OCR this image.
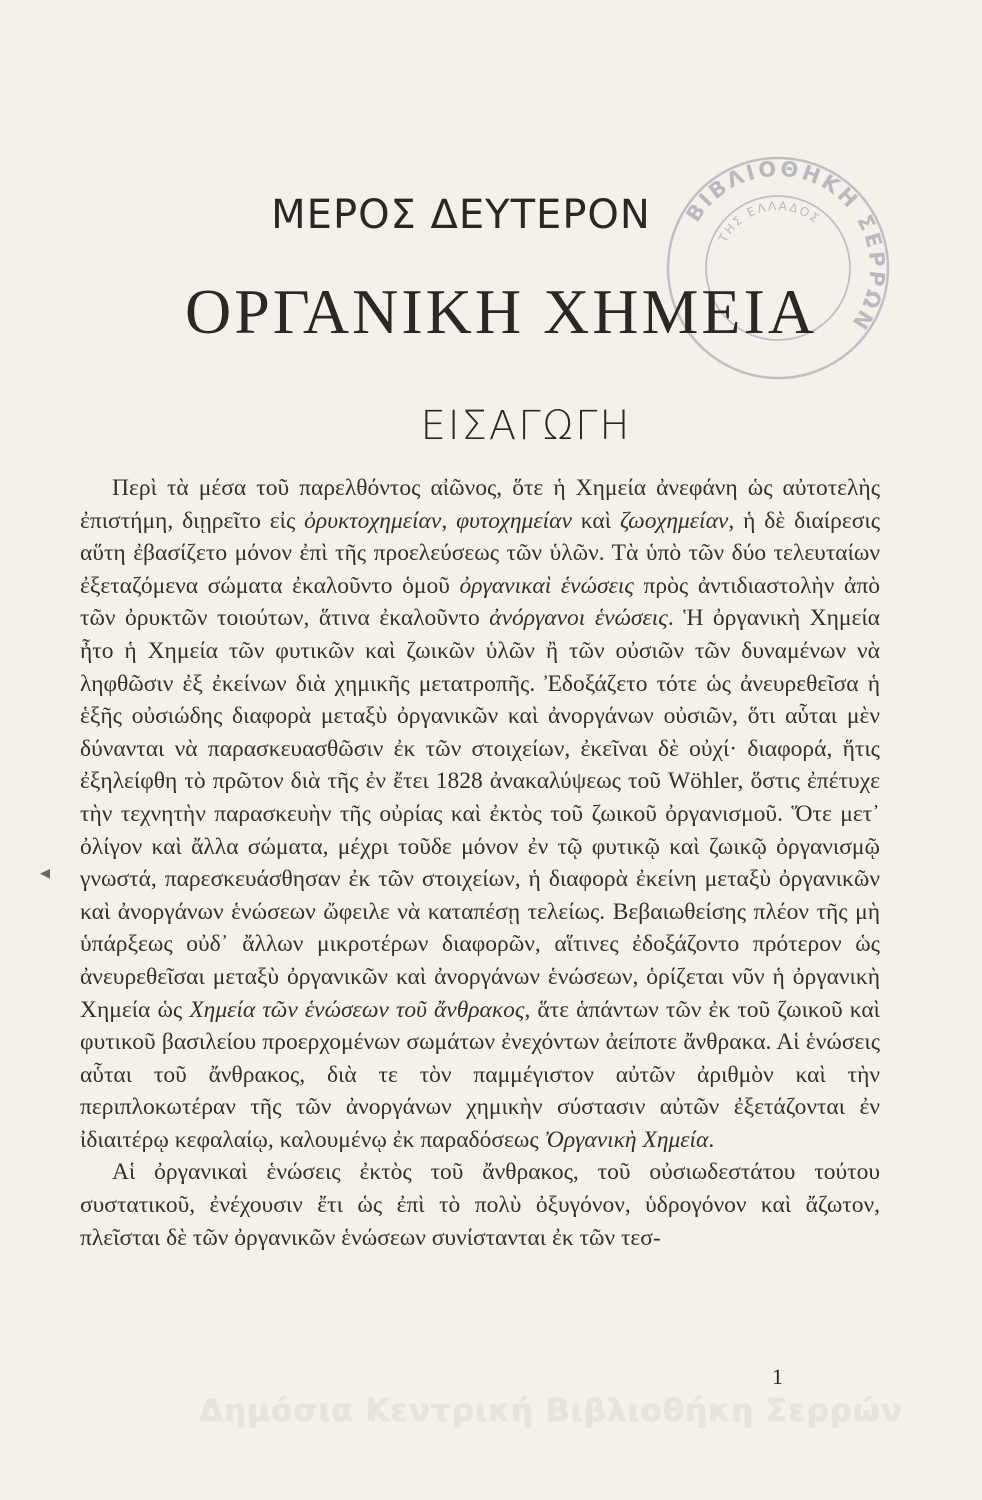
ΒΙΒΛΙΟΘΗΚΗ ΣΕΡΡΩΝ
ΤΗΣ ΕΛΛΑΔΟΣ
ΜΕΡΟΣ ΔΕΥΤΕΡΟΝ
ΟΡΓΑΝΙΚΗ ΧΗΜΕΙΑ
ΕΙΣΑΓΩΓΗ
◂

Περὶ τὰ μέσα τοῦ παρελθόντος αἰῶνος, ὅτε ἡ Χημεία ἀνεφάνη ὡς αὐτοτελὴς ἐπιστήμη, διῃρεῖτο εἰς ὀρυκτοχημείαν, φυτοχημείαν καὶ ζωοχημείαν, ἡ δὲ διαίρεσις αὕτη ἐβασίζετο μόνον ἐπὶ τῆς προελεύσεως τῶν ὑλῶν. Τὰ ὑπὸ τῶν δύο τελευταίων ἐξεταζόμενα σώματα ἐκαλοῦντο ὁμοῦ ὀργανικαὶ ἑνώσεις πρὸς ἀντιδιαστολὴν ἀπὸ τῶν ὀρυκτῶν τοιούτων, ἅτινα ἐκαλοῦντο ἀνόργανοι ἑνώσεις. Ἡ ὀργανικὴ Χημεία ἦτο ἡ Χημεία τῶν φυτικῶν καὶ ζωικῶν ὑλῶν ἢ τῶν οὐσιῶν τῶν δυναμένων νὰ ληφθῶσιν ἐξ ἐκείνων διὰ χημικῆς μετατροπῆς. Ἐδοξάζετο τότε ὡς ἀνευρεθεῖσα ἡ ἑξῆς οὐσιώδης διαφορὰ μεταξὺ ὀργανικῶν καὶ ἀνοργάνων οὐσιῶν, ὅτι αὗται μὲν δύνανται νὰ παρασκευασθῶσιν ἐκ τῶν στοιχείων, ἐκεῖναι δὲ οὐχί· διαφορά, ἥτις ἐξηλείφθη τὸ πρῶτον διὰ τῆς ἐν ἔτει 1828 ἀνακαλύψεως τοῦ Wöhler, ὅστις ἐπέτυχε τὴν τεχνητὴν παρασκευὴν τῆς οὐρίας καὶ ἐκτὸς τοῦ ζωικοῦ ὀργανισμοῦ. Ὅτε μετ᾽ ὀλίγον καὶ ἄλλα σώματα, μέχρι τοῦδε μόνον ἐν τῷ φυτικῷ καὶ ζωικῷ ὀργανισμῷ γνωστά, παρεσκευάσθησαν ἐκ τῶν στοιχείων, ἡ διαφορὰ ἐκείνη μεταξὺ ὀργανικῶν καὶ ἀνοργάνων ἑνώσεων ὤφειλε νὰ καταπέσῃ τελείως. Βεβαιωθείσης πλέον τῆς μὴ ὑπάρξεως οὐδ᾽ ἄλλων μικροτέρων διαφορῶν, αἵτινες ἐδοξάζοντο πρότερον ὡς ἀνευρεθεῖσαι μεταξὺ ὀργανικῶν καὶ ἀνοργάνων ἑνώσεων, ὁρίζεται νῦν ἡ ὀργανικὴ Χημεία ὡς Χημεία τῶν ἑνώσεων τοῦ ἄνθρακος, ἅτε ἁπάντων τῶν ἐκ τοῦ ζωικοῦ καὶ φυτικοῦ βασιλείου προερχομένων σωμάτων ἐνεχόντων ἀείποτε ἄνθρακα. Αἱ ἑνώσεις αὗται τοῦ ἄνθρακος, διὰ τε τὸν παμμέγιστον αὐτῶν ἀριθμὸν καὶ τὴν περιπλοκωτέραν τῆς τῶν ἀνοργάνων χημικὴν σύστασιν αὐτῶν ἐξετάζονται ἐν ἰδιαιτέρῳ κεφαλαίῳ, καλουμένῳ ἐκ παραδόσεως Ὀργανικὴ Χημεία.

Αἱ ὀργανικαὶ ἑνώσεις ἐκτὸς τοῦ ἄνθρακος, τοῦ οὐσιωδεστάτου τούτου συστατικοῦ, ἐνέχουσιν ἔτι ὡς ἐπὶ τὸ πολὺ ὀξυγόνον, ὑδρογόνον καὶ ἄζωτον, πλεῖσται δὲ τῶν ὀργανικῶν ἑνώσεων συνίστανται ἐκ τῶν τεσ-

1
Δημόσια Κεντρική Βιβλιοθήκη Σερρών
